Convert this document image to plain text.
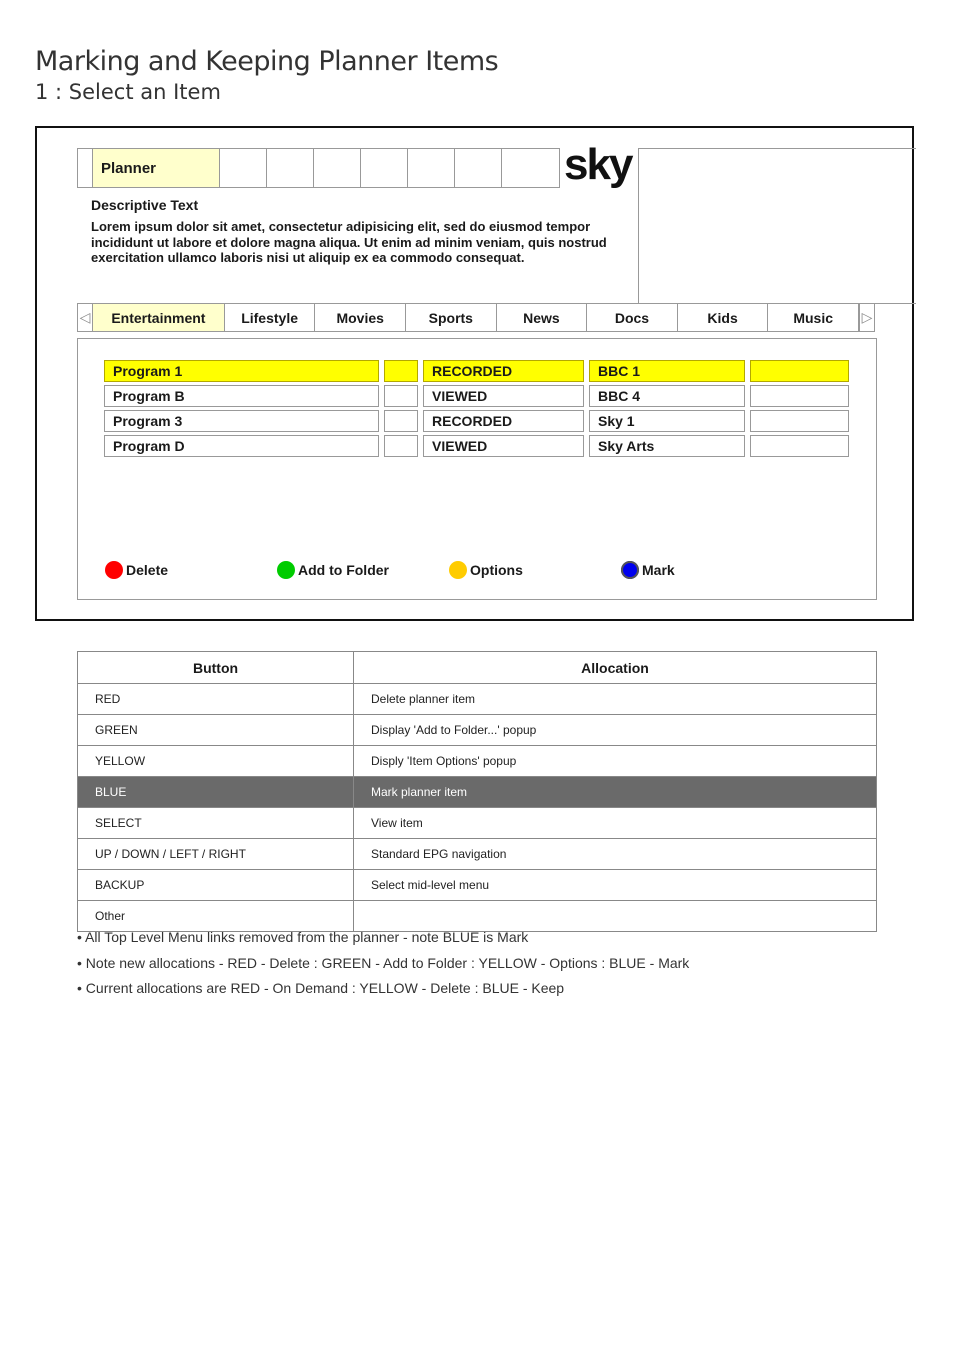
Marking and Keeping Planner Items
1 : Select an Item
Planner	sky
Descriptive Text
Lorem ipsum dolor sit amet, consectetur adipisicing elit, sed do eiusmod tempor incididunt ut labore et dolore magna aliqua. Ut enim ad minim veniam, quis nostrud exercitation ullamco laboris nisi ut aliquip ex ea commodo consequat.
◁	Entertainment	Lifestyle	Movies	Sports	News	Docs	Kids	Music	▷
Program 1	RECORDED	BBC 1
Program B	VIEWED	BBC 4
Program 3	RECORDED	Sky 1
Program D	VIEWED	Sky Arts
Delete	Add to Folder	Options	Mark
Button	Allocation
RED	Delete planner item
GREEN	Display 'Add to Folder...' popup
YELLOW	Disply 'Item Options' popup
BLUE	Mark planner item
SELECT	View item
UP / DOWN / LEFT / RIGHT	Standard EPG navigation
BACKUP	Select mid-level menu
Other	
• All Top Level Menu links removed from the planner - note BLUE is Mark
• Note new allocations - RED - Delete : GREEN - Add to Folder : YELLOW - Options : BLUE - Mark
• Current allocations are RED - On Demand : YELLOW - Delete : BLUE - Keep
